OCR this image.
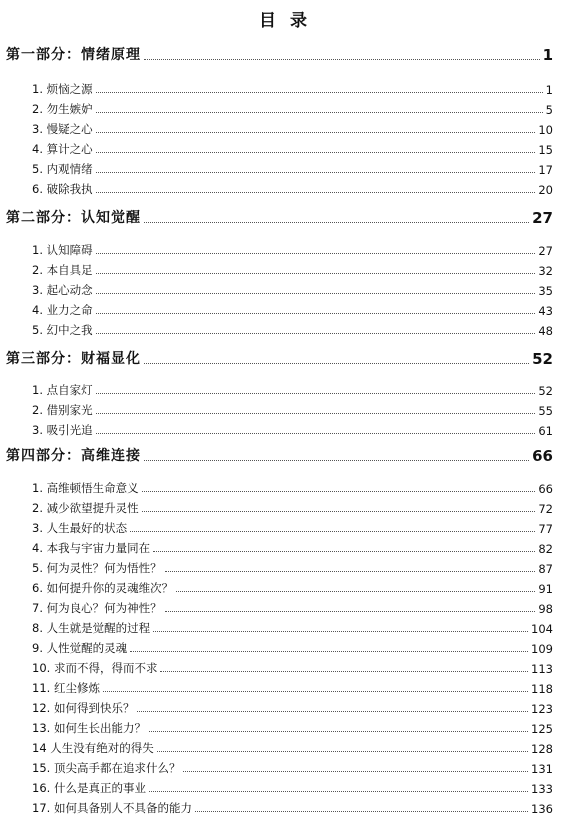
目 录
第一部分：情绪原理	1
1. 烦恼之源	1
2. 勿生嫉妒	5
3. 慢疑之心	10
4. 算计之心	15
5. 内观情绪	17
6. 破除我执	20
第二部分：认知觉醒	27
1. 认知障碍	27
2. 本自具足	32
3. 起心动念	35
4. 业力之命	43
5. 幻中之我	48
第三部分：财福显化	52
1. 点自家灯	52
2. 借别家光	55
3. 吸引光追	61
第四部分：高维连接	66
1. 高维顿悟生命意义	66
2. 减少欲望提升灵性	72
3. 人生最好的状态	77
4. 本我与宇宙力量同在	82
5. 何为灵性？何为悟性？	87
6. 如何提升你的灵魂维次？	91
7. 何为良心？何为神性？	98
8. 人生就是觉醒的过程	104
9. 人性觉醒的灵魂	109
10. 求而不得，得而不求	113
11. 红尘修炼	118
12. 如何得到快乐？	123
13. 如何生长出能力？	125
14 人生没有绝对的得失	128
15. 顶尖高手都在追求什么？	131
16. 什么是真正的事业	133
17. 如何具备别人不具备的能力	136
